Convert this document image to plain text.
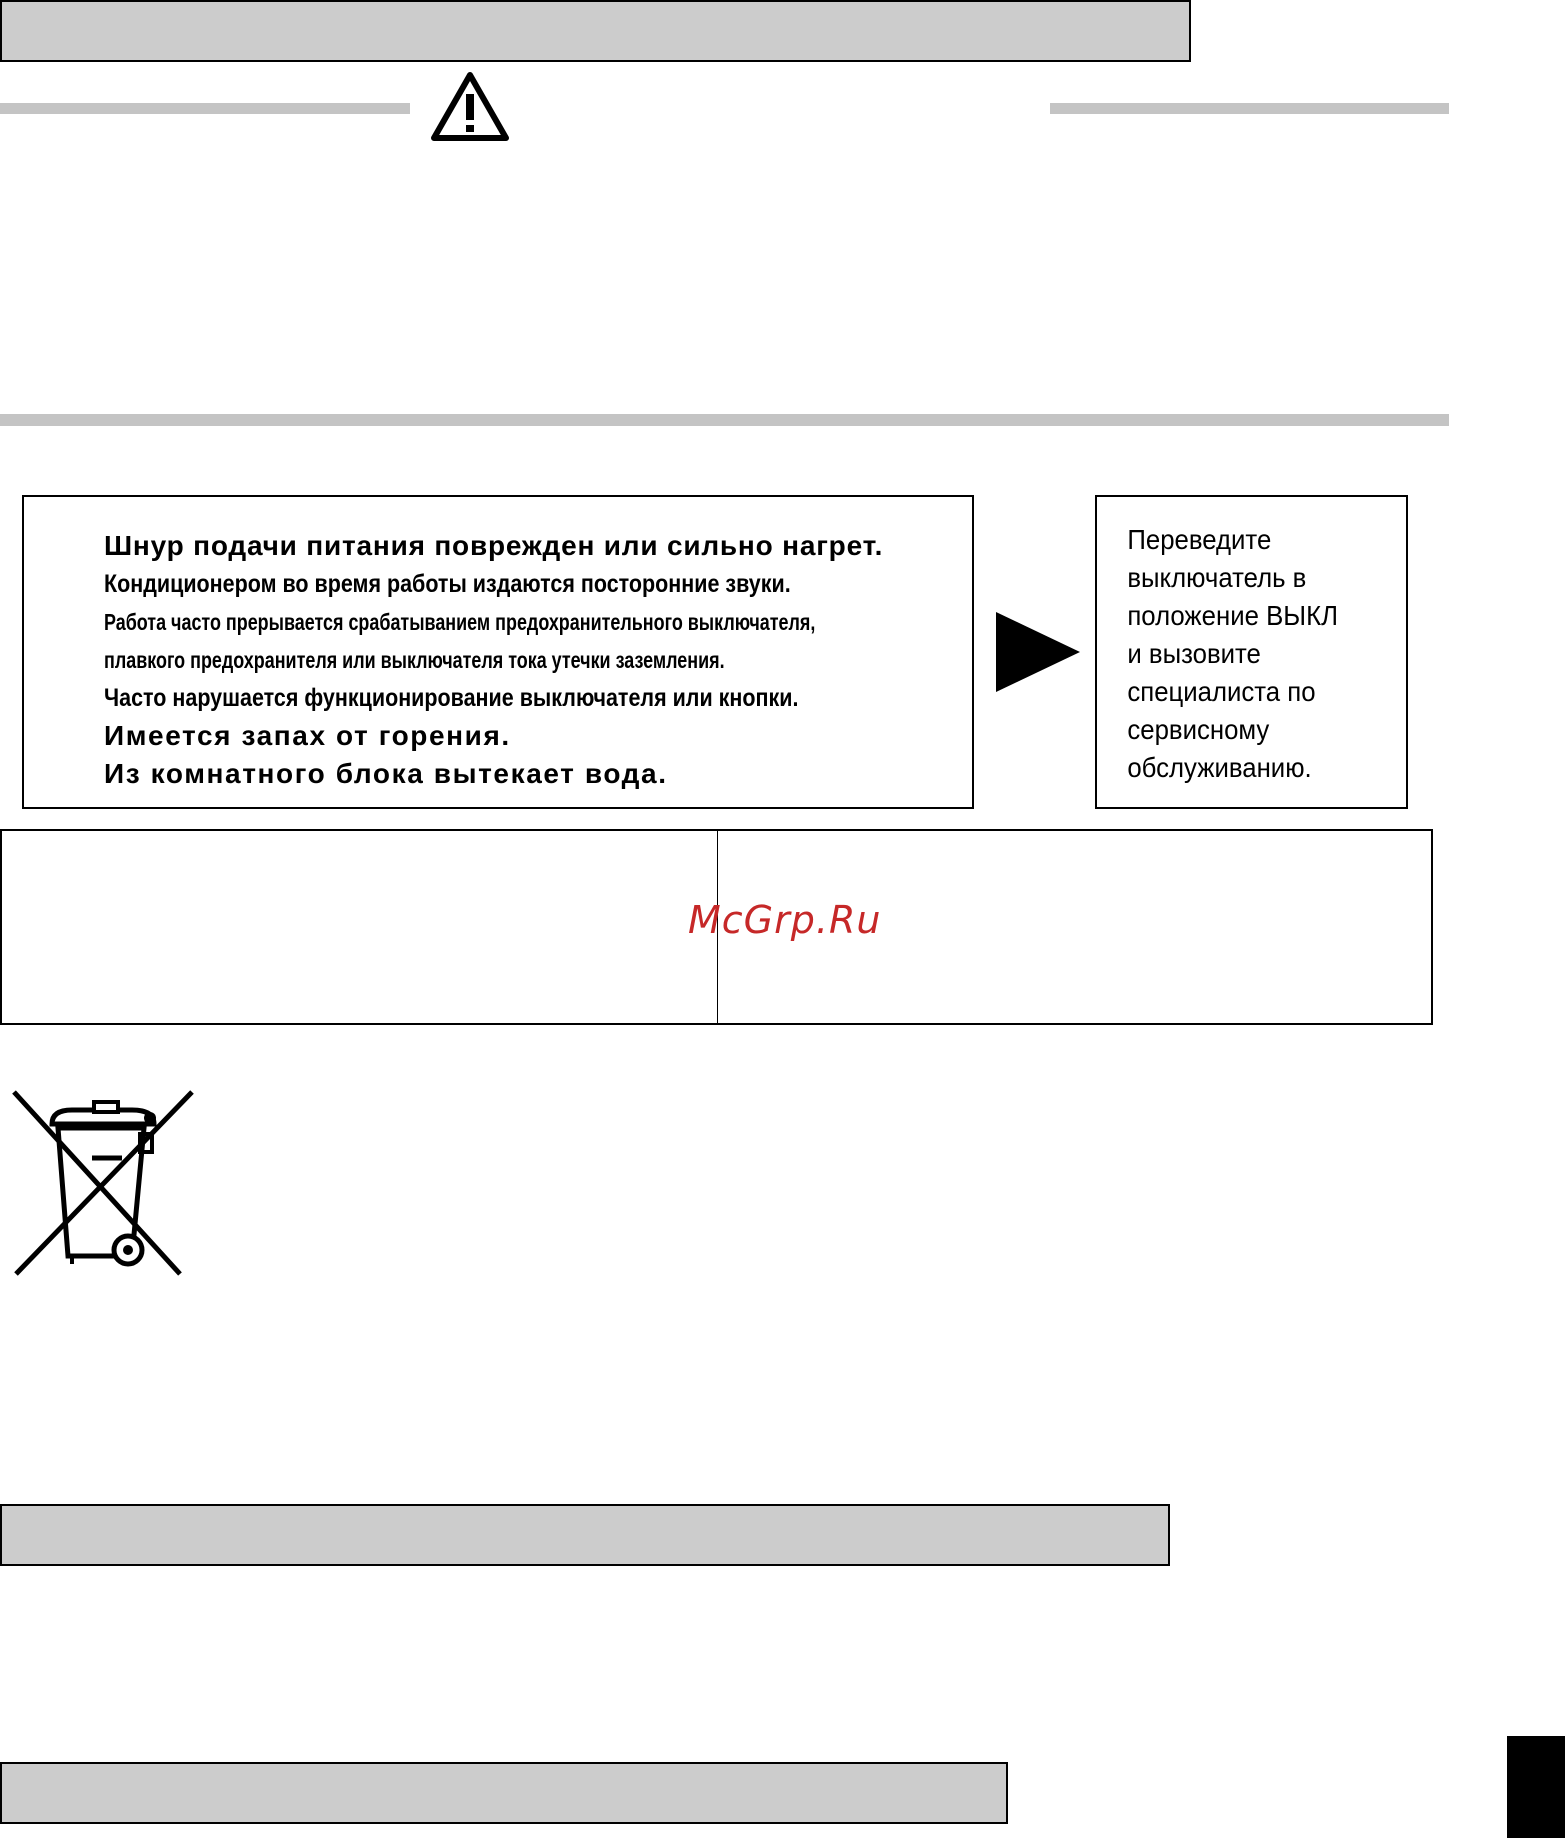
Шнур подачи питания поврежден или сильно нагрет.
Кондиционером во время работы издаются посторонние звуки.
Работа часто прерывается срабатыванием предохранительного выключателя,
плавкого предохранителя или выключателя тока утечки заземления.
Часто нарушается функционирование выключателя или кнопки.
Имеется запах от горения.
Из комнатного блока вытекает вода.

Переведите
выключатель в
положение ВЫКЛ
и вызовите
специалиста по
сервисному
обслуживанию.

McGrp.Ru
